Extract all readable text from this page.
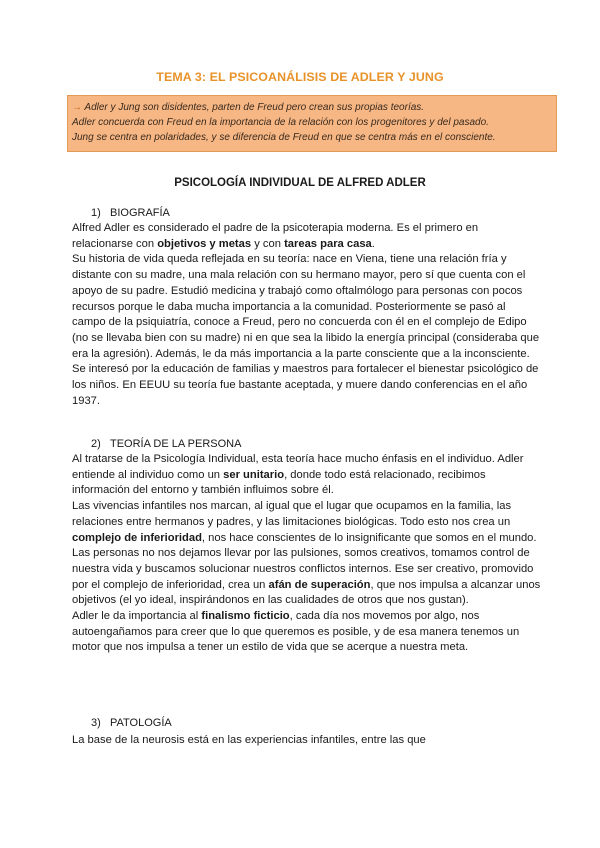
TEMA 3: EL PSICOANÁLISIS DE ADLER Y JUNG

→ Adler y Jung son disidentes, parten de Freud pero crean sus propias teorías.

Adler concuerda con Freud en la importancia de la relación con los progenitores y del pasado.

Jung se centra en polaridades, y se diferencia de Freud en que se centra más en el consciente.

PSICOLOGÍA INDIVIDUAL DE ALFRED ADLER
1) BIOGRAFÍA

Alfred Adler es considerado el padre de la psicoterapia moderna. Es el primero en relacionarse con objetivos y metas y con tareas para casa.

Su historia de vida queda reflejada en su teoría: nace en Viena, tiene una relación fría y distante con su madre, una mala relación con su hermano mayor, pero sí que cuenta con el apoyo de su padre. Estudió medicina y trabajó como oftalmólogo para personas con pocos recursos porque le daba mucha importancia a la comunidad. Posteriormente se pasó al campo de la psiquiatría, conoce a Freud, pero no concuerda con él en el complejo de Edipo (no se llevaba bien con su madre) ni en que sea la libido la energía principal (consideraba que era la agresión). Además, le da más importancia a la parte consciente que a la inconsciente. Se interesó por la educación de familias y maestros para fortalecer el bienestar psicológico de los niños. En EEUU su teoría fue bastante aceptada, y muere dando conferencias en el año 1937.

2) TEORÍA DE LA PERSONA

Al tratarse de la Psicología Individual, esta teoría hace mucho énfasis en el individuo. Adler entiende al individuo como un ser unitario, donde todo está relacionado, recibimos información del entorno y también influimos sobre él.

Las vivencias infantiles nos marcan, al igual que el lugar que ocupamos en la familia, las relaciones entre hermanos y padres, y las limitaciones biológicas. Todo esto nos crea un complejo de inferioridad, nos hace conscientes de lo insignificante que somos en el mundo.

Las personas no nos dejamos llevar por las pulsiones, somos creativos, tomamos control de nuestra vida y buscamos solucionar nuestros conflictos internos. Ese ser creativo, promovido por el complejo de inferioridad, crea un afán de superación, que nos impulsa a alcanzar unos objetivos (el yo ideal, inspirándonos en las cualidades de otros que nos gustan).

Adler le da importancia al finalismo ficticio, cada día nos movemos por algo, nos autoengañamos para creer que lo que queremos es posible, y de esa manera tenemos un motor que nos impulsa a tener un estilo de vida que se acerque a nuestra meta.

3) PATOLOGÍA

La base de la neurosis está en las experiencias infantiles, entre las que
